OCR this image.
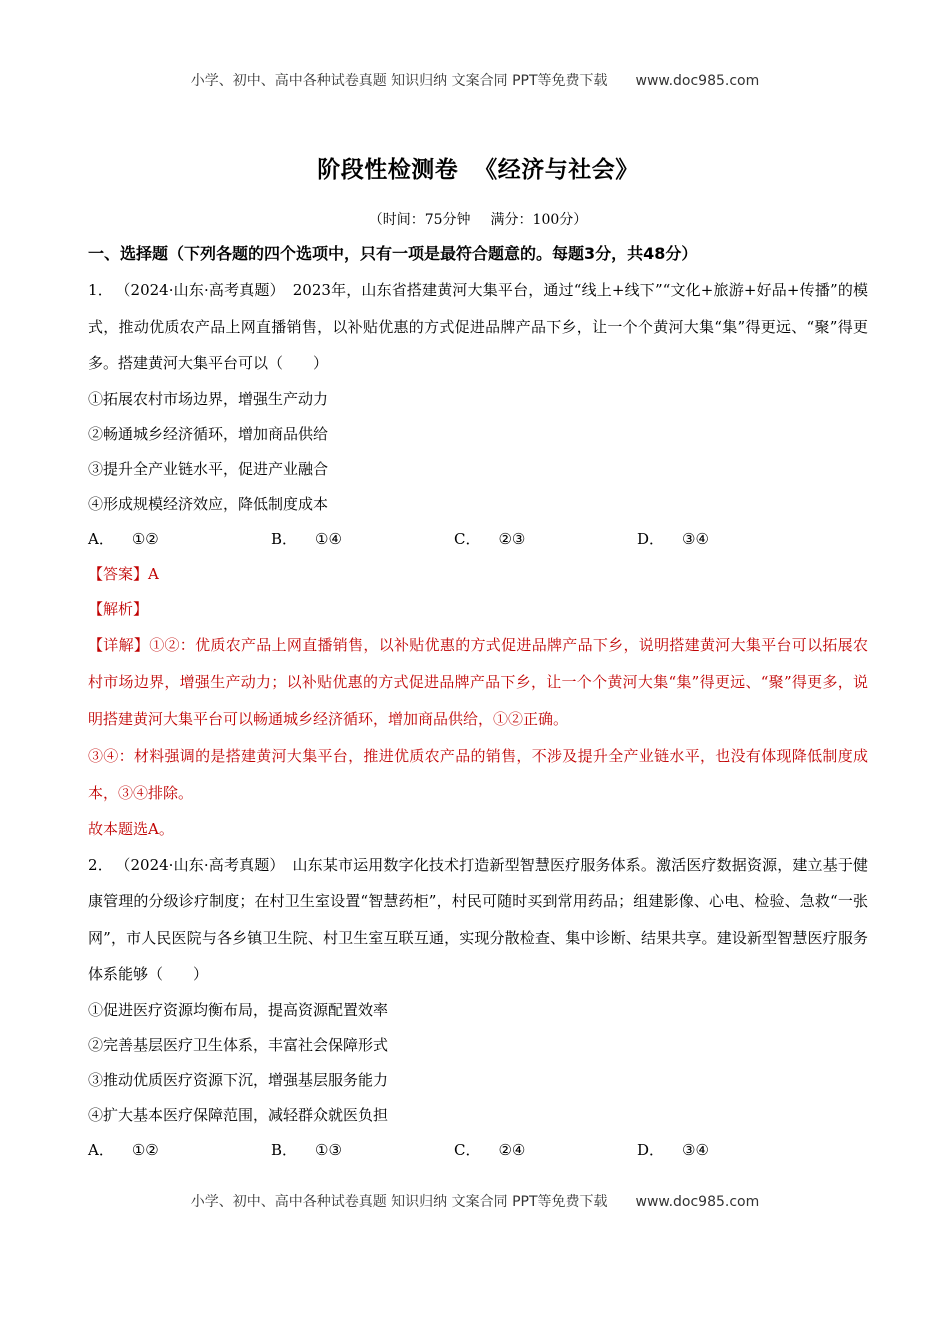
小学、初中、高中各种试卷真题 知识归纳 文案合同 PPT等免费下载 www.doc985.com
阶段性检测卷 《经济与社会》
（时间：75分钟 满分：100分）
一、选择题（下列各题的四个选项中，只有一项是最符合题意的。每题3分，共48分）
1． （2024·山东·高考真题） 2023年，山东省搭建黄河大集平台，通过“线上+线下”“文化+旅游+好品+传播”的模式，推动优质农产品上网直播销售，以补贴优惠的方式促进品牌产品下乡，让一个个黄河大集“集”得更远、“聚”得更多。搭建黄河大集平台可以（　　）
①拓展农村市场边界，增强生产动力
②畅通城乡经济循环，增加商品供给
③提升全产业链水平，促进产业融合
④形成规模经济效应，降低制度成本
A． ①②	B． ①④	C． ②③	D． ③④
【答案】A
【解析】
【详解】①②：优质农产品上网直播销售，以补贴优惠的方式促进品牌产品下乡，说明搭建黄河大集平台可以拓展农村市场边界，增强生产动力；以补贴优惠的方式促进品牌产品下乡，让一个个黄河大集“集”得更远、“聚”得更多，说明搭建黄河大集平台可以畅通城乡经济循环，增加商品供给，①②正确。
③④：材料强调的是搭建黄河大集平台，推进优质农产品的销售，不涉及提升全产业链水平，也没有体现降低制度成本，③④排除。
故本题选A。
2． （2024·山东·高考真题） 山东某市运用数字化技术打造新型智慧医疗服务体系。激活医疗数据资源，建立基于健康管理的分级诊疗制度；在村卫生室设置“智慧药柜”，村民可随时买到常用药品；组建影像、心电、检验、急救“一张网”，市人民医院与各乡镇卫生院、村卫生室互联互通，实现分散检查、集中诊断、结果共享。建设新型智慧医疗服务体系能够（　　）
①促进医疗资源均衡布局，提高资源配置效率
②完善基层医疗卫生体系，丰富社会保障形式
③推动优质医疗资源下沉，增强基层服务能力
④扩大基本医疗保障范围，减轻群众就医负担
A． ①②	B． ①③	C． ②④	D． ③④
小学、初中、高中各种试卷真题 知识归纳 文案合同 PPT等免费下载 www.doc985.com
